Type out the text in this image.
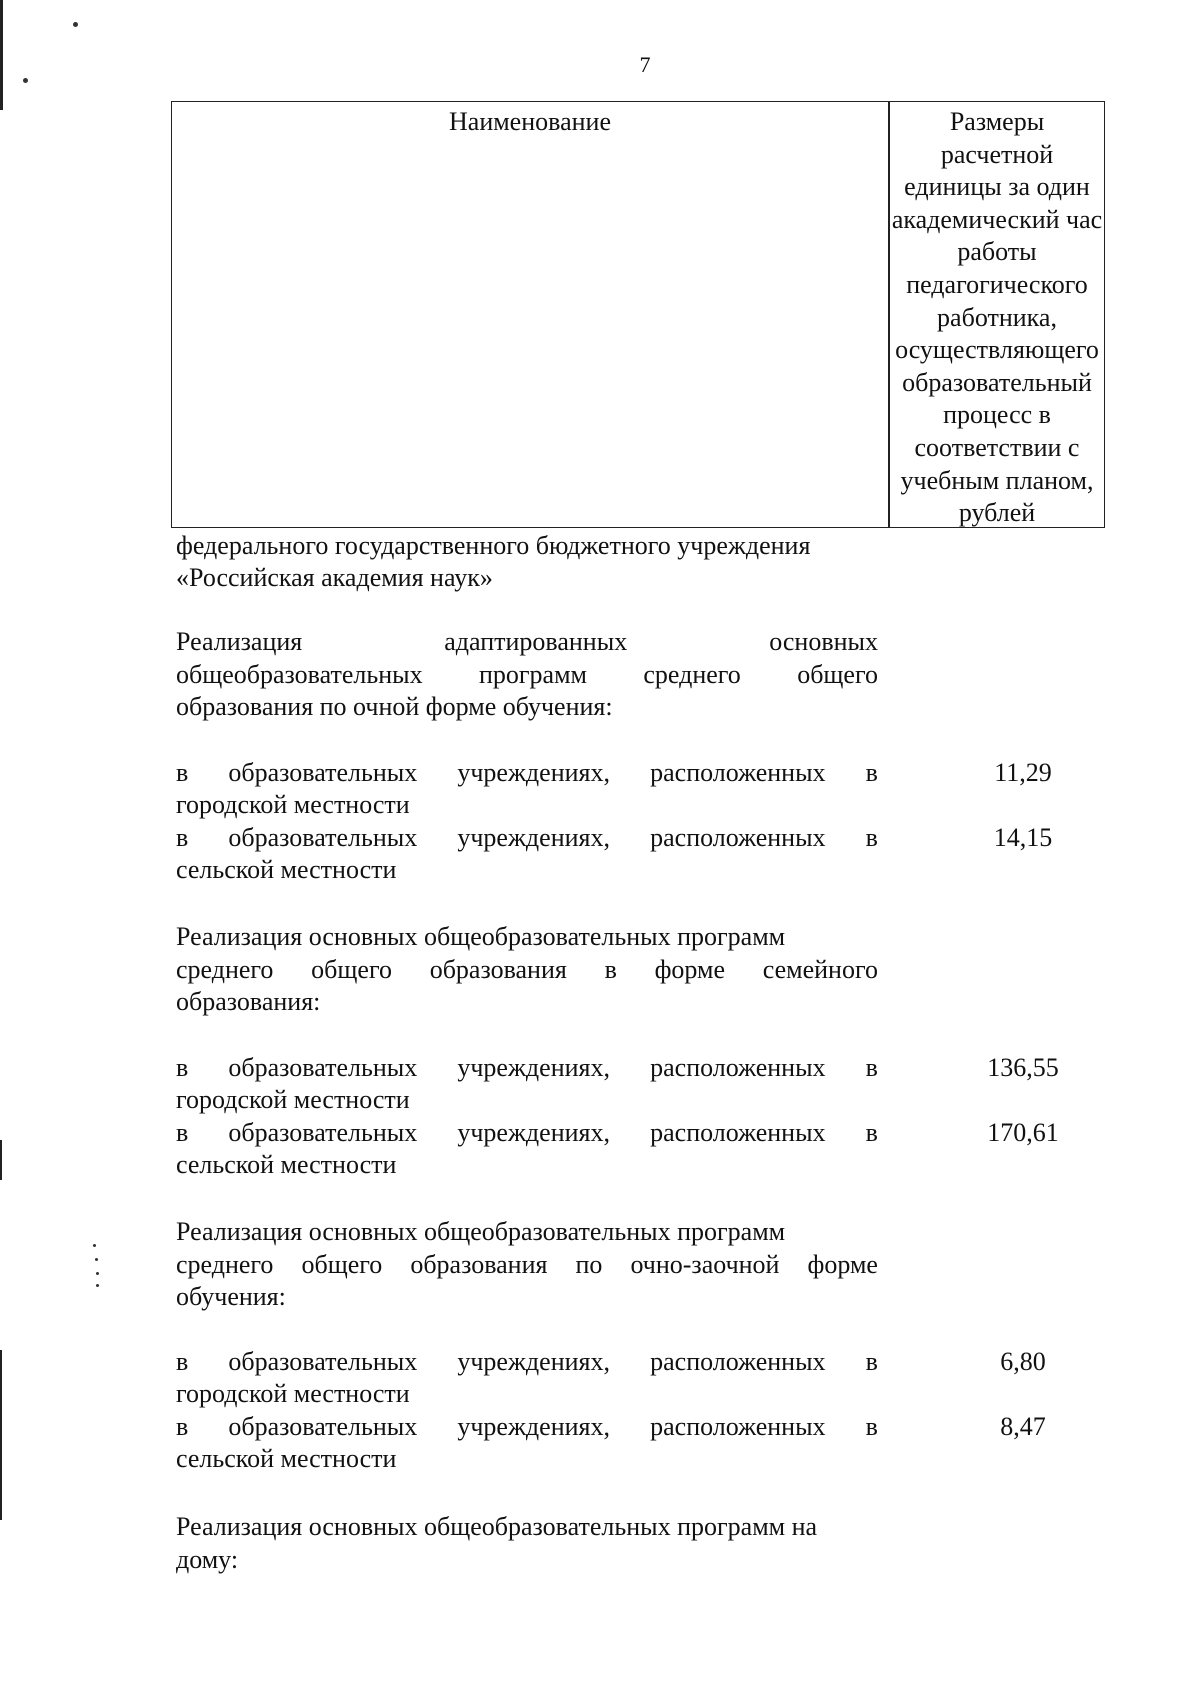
7
Наименование	Размеры
расчетной
единицы за один
академический час
работы
педагогического
работника,
осуществляющего
образовательный
процесс в
соответствии с
учебным планом,
рублей
федерального государственного бюджетного учреждения
«Российская академия наук»
Реализация	адаптированных	основных
общеобразовательных программ среднего общего
образования по очной форме обучения:
в образовательных учреждениях, расположенных в
городской местности
11,29
в образовательных учреждениях, расположенных в
сельской местности
14,15
Реализация основных общеобразовательных программ
среднего общего образования в форме семейного
образования:
в образовательных учреждениях, расположенных в
городской местности
136,55
в образовательных учреждениях, расположенных в
сельской местности
170,61
Реализация основных общеобразовательных программ
среднего общего образования по очно-заочной форме
обучения:
в образовательных учреждениях, расположенных в
городской местности
6,80
в образовательных учреждениях, расположенных в
сельской местности
8,47
Реализация основных общеобразовательных программ на
дому:
